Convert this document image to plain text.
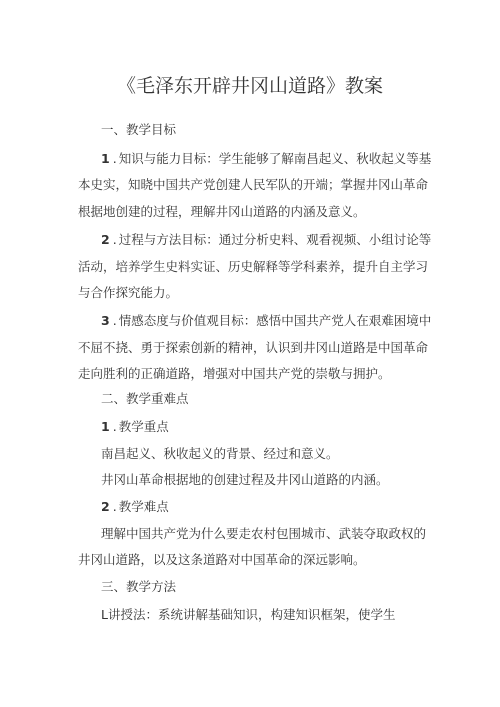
《毛泽东开辟井冈山道路》教案
一、教学目标
1 . 知识与能力目标：学生能够了解南昌起义、秋收起义等基
本史实，知晓中国共产党创建人民军队的开端；掌握井冈山革命
根据地创建的过程，理解井冈山道路的内涵及意义。
2 . 过程与方法目标：通过分析史料、观看视频、小组讨论等
活动，培养学生史料实证、历史解释等学科素养，提升自主学习
与合作探究能力。
3 . 情感态度与价值观目标：感悟中国共产党人在艰难困境中
不屈不挠、勇于探索创新的精神，认识到井冈山道路是中国革命
走向胜利的正确道路，增强对中国共产党的崇敬与拥护。
二、教学重难点
1 . 教学重点
南昌起义、秋收起义的背景、经过和意义。
井冈山革命根据地的创建过程及井冈山道路的内涵。
2 . 教学难点
理解中国共产党为什么要走农村包围城市、武装夺取政权的
井冈山道路，以及这条道路对中国革命的深远影响。
三、教学方法
L讲授法：系统讲解基础知识，构建知识框架，使学生
